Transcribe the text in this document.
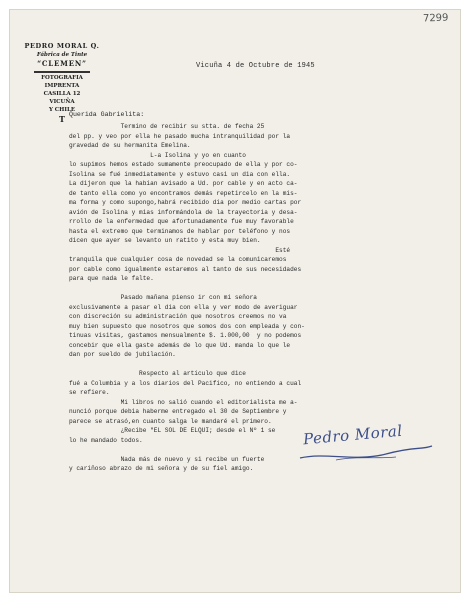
7299
PEDRO MORAL Q.
Fábrica de Tinte
“CLEMEN”
FOTOGRAFIA
IMPRENTA
CASILLA 12
VICUÑA
Y CHILE
T
Vicuña 4 de Octubre de 1945
Querida Gabrielita:
Termino de recibir su stta. de fecha 25
del pp. y veo por ella he pasado mucha intranquilidad por la
gravedad de su hermanita Emelina.
L-a Isolina y yo en cuanto
lo supimos hemos estado sumamente preocupado de ella y por co-
Isolina se fué inmediatamente y estuvo casi un dia con ella.
La dijeron que la habian avisado a Ud. por cable y en acto ca-
de tanto ella como yo encontramos demás repetircelo en la mis-
ma forma y como supongo,habrá recibido dia por medio cartas por
avión de Isolina y mias informándola de la trayectoria y desa-
rrollo de la enfermedad que afortunadamente fue muy favorable
hasta el extremo que terminamos de hablar por teléfono y nos
dicen que ayer se levanto un ratito y esta muy bien.
Esté
tranquila que cualquier cosa de novedad se la comunicaremos
por cable como igualmente estaremos al tanto de sus necesidades
para que nada le falte.

Pasado mañana pienso ir con mi señora
exclusivamente a pasar el dia con ella y ver modo de averiguar
con discreción su administración que nosotros creemos no va
muy bien supuesto que nosotros que somos dos con empleada y con-
tinuas visitas, gastamos mensualmente $. 1.000,00  y no podemos
concebir que ella gaste además de lo que Ud. manda lo que le
dan por sueldo de jubilación.

Respecto al artículo que dice
fué a Columbia y a los diarios del Pacifico, no entiendo a cual
se refiere.
Mi libros no salió cuando el editorialista me a-
nunció porque debia haberme entregado el 30 de Septiembre y
parece se atrasó,en cuanto salga le mandaré el primero.
¿Recibe "EL SOL DE ELQUI; desde el Nº 1 se
lo he mandado todos.

Nada más de nuevo y si recibe un fuerte
y cariñoso abrazo de mi señora y de su fiel amigo.
Pedro Moral
